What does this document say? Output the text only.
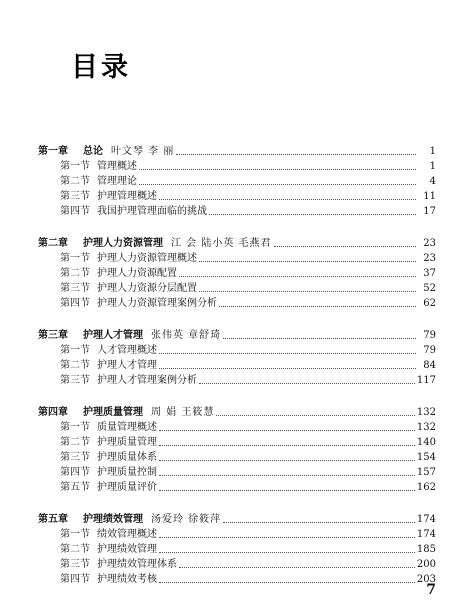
目录
第一章 总论 叶文琴 李 丽	1
第一节 管理概述	1
第二节 管理理论	4
第三节 护理管理概述	11
第四节 我国护理管理面临的挑战	17
第二章 护理人力资源管理 江 会 陆小英 毛燕君	23
第一节 护理人力资源管理概述	23
第二节 护理人力资源配置	37
第三节 护理人力资源分层配置	52
第四节 护理人力资源管理案例分析	62
第三章 护理人才管理 张伟英 章舒琦	79
第一节 人才管理概述	79
第二节 护理人才管理	84
第三节 护理人才管理案例分析	117
第四章 护理质量管理 周 娟 王筱慧	132
第一节 质量管理概述	132
第二节 护理质量管理	140
第三节 护理质量体系	154
第四节 护理质量控制	157
第五节 护理质量评价	162
第五章 护理绩效管理 汤爱玲 徐筱萍	174
第一节 绩效管理概述	174
第二节 护理绩效管理	185
第三节 护理绩效管理体系	200
第四节 护理绩效考核	203
7
